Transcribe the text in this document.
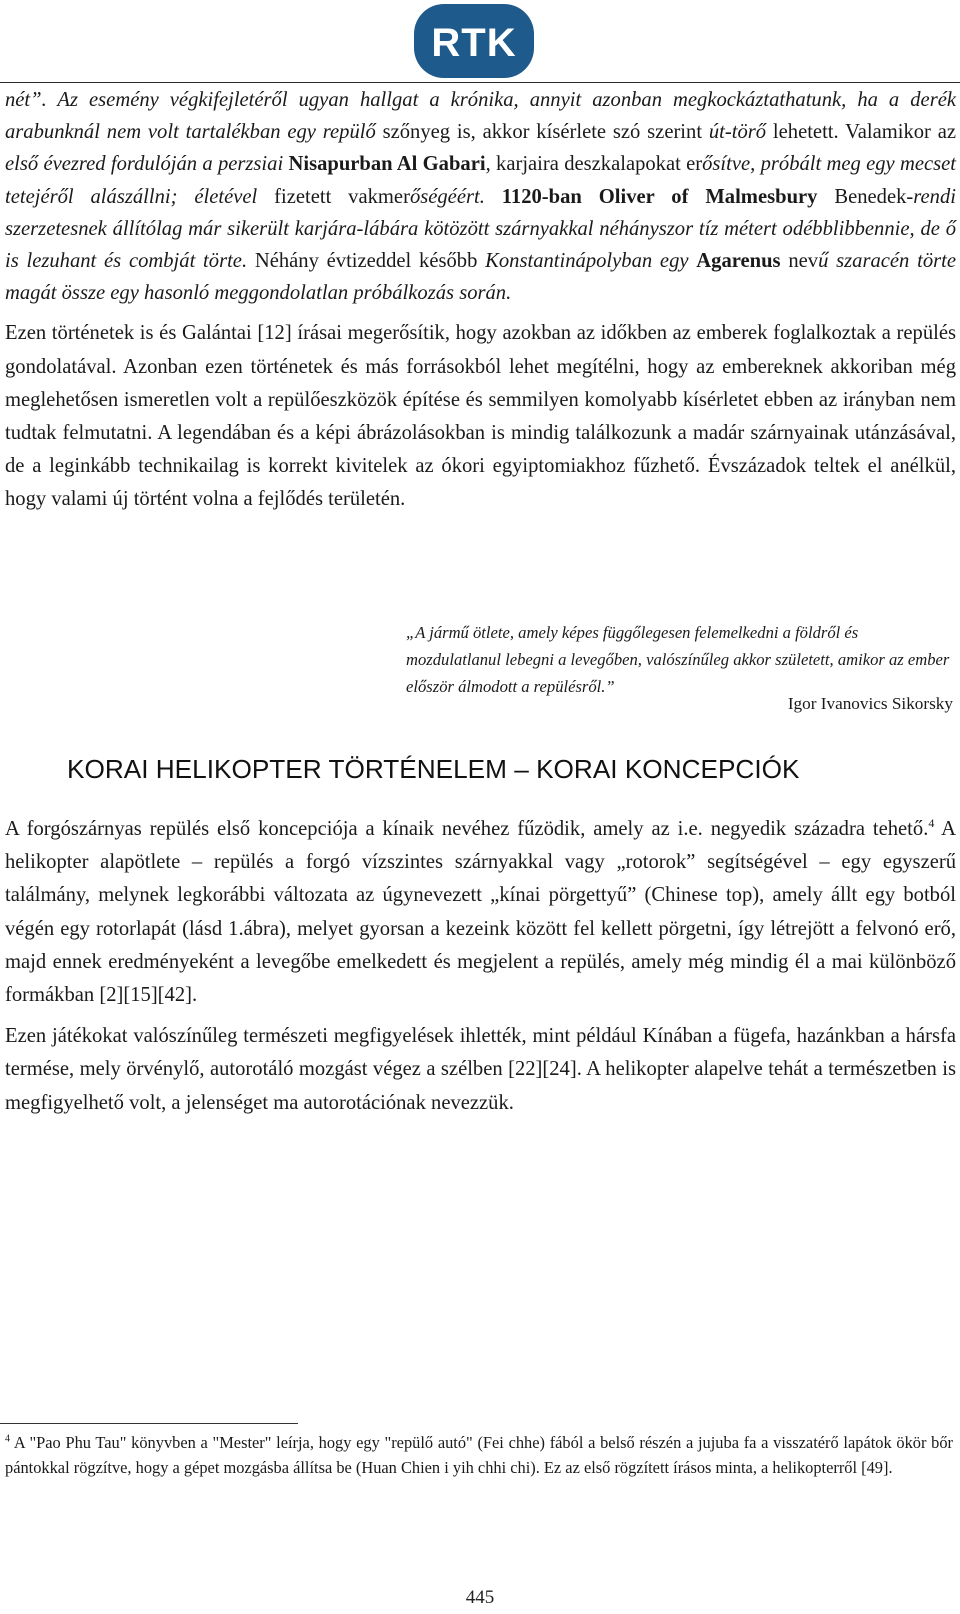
RTK

nét”. Az esemény végkifejletéről ugyan hallgat a krónika, annyit azonban megkockáztathatunk, ha a derék arabunknál nem volt tartalékban egy repülő szőnyeg is, akkor kísérlete szó szerint út-törő lehetett. Valamikor az első évezred fordulóján a perzsiai Nisapurban Al Gabari, karjaira deszkalapokat erősítve, próbált meg egy mecset tetejéről alászállni; életével fizetett vakmerőségéért. 1120-ban Oliver of Malmesbury Benedek-rendi szerzetesnek állítólag már sikerült karjára-lábára kötözött szárnyakkal néhányszor tíz métert odébblibbennie, de ő is lezuhant és combját törte. Néhány évtizeddel később Konstantinápolyban egy Agarenus nevű szaracén törte magát össze egy hasonló meggondolatlan próbálkozás során.

Ezen történetek is és Galántai [12] írásai megerősítik, hogy azokban az időkben az emberek foglalkoztak a repülés gondolatával. Azonban ezen történetek és más forrásokból lehet megítélni, hogy az embereknek akkoriban még meglehetősen ismeretlen volt a repülőeszközök építése és semmilyen komolyabb kísérletet ebben az irányban nem tudtak felmutatni. A legendában és a képi ábrázolásokban is mindig találkozunk a madár szárnyainak utánzásával, de a leginkább technikailag is korrekt kivitelek az ókori egyiptomiakhoz fűzhető. Évszázadok teltek el anélkül, hogy valami új történt volna a fejlődés területén.

„A jármű ötlete, amely képes függőlegesen felemelkedni a földről és mozdulatlanul lebegni a levegőben, valószínűleg akkor született, amikor az ember először álmodott a repülésről.”
Igor Ivanovics Sikorsky
KORAI HELIKOPTER TÖRTÉNELEM – KORAI KONCEPCIÓK

A forgószárnyas repülés első koncepciója a kínaik nevéhez fűzödik, amely az i.e. negyedik századra tehető.$^4$ A helikopter alapötlete – repülés a forgó vízszintes szárnyakkal vagy „rotorok” segítségével – egy egyszerű találmány, melynek legkorábbi változata az úgynevezett „kínai pörgettyű” (Chinese top), amely állt egy botból végén egy rotorlapát (lásd 1.ábra), melyet gyorsan a kezeink között fel kellett pörgetni, így létrejött a felvonó erő, majd ennek eredményeként a levegőbe emelkedett és megjelent a repülés, amely még mindig él a mai különböző formákban [2][15][42].

Ezen játékokat valószínűleg természeti megfigyelések ihlették, mint például Kínában a fügefa, hazánkban a hársfa termése, mely örvénylő, autorotáló mozgást végez a szélben [22][24]. A helikopter alapelve tehát a természetben is megfigyelhető volt, a jelenséget ma autorotációnak nevezzük.

$^4$ A "Pao Phu Tau" könyvben a "Mester" leírja, hogy egy "repülő autó" (Fei chhe) fából a belső részén a jujuba fa a visszatérő lapátok ökör bőr pántokkal rögzítve, hogy a gépet mozgásba állítsa be (Huan Chien i yih chhi chi). Ez az első rögzített írásos minta, a helikopterről [49].
445
